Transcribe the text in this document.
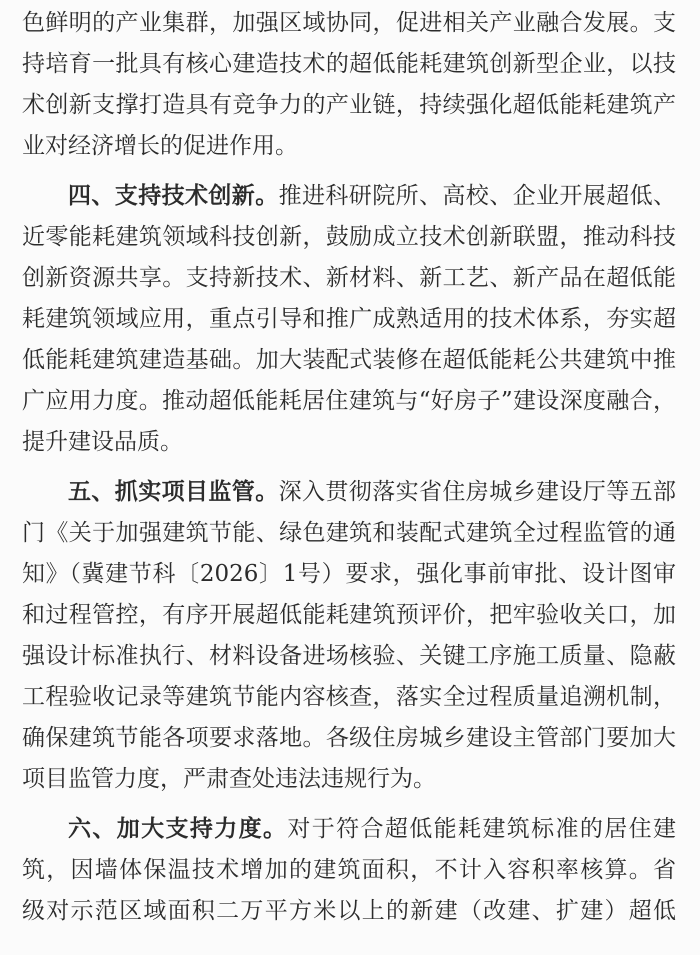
色鲜明的产业集群，加强区域协同，促进相关产业融合发展。支
持培育一批具有核心建造技术的超低能耗建筑创新型企业，以技
术创新支撑打造具有竞争力的产业链，持续强化超低能耗建筑产
业对经济增长的促进作用。
四、支持技术创新。推进科研院所、高校、企业开展超低、
近零能耗建筑领域科技创新，鼓励成立技术创新联盟，推动科技
创新资源共享。支持新技术、新材料、新工艺、新产品在超低能
耗建筑领域应用，重点引导和推广成熟适用的技术体系，夯实超
低能耗建筑建造基础。加大装配式装修在超低能耗公共建筑中推
广应用力度。推动超低能耗居住建筑与“好房子”建设深度融合，
提升建设品质。
五、抓实项目监管。深入贯彻落实省住房城乡建设厅等五部
门《关于加强建筑节能、绿色建筑和装配式建筑全过程监管的通
知》（冀建节科〔2026〕1号）要求，强化事前审批、设计图审
和过程管控，有序开展超低能耗建筑预评价，把牢验收关口，加
强设计标准执行、材料设备进场核验、关键工序施工质量、隐蔽
工程验收记录等建筑节能内容核查，落实全过程质量追溯机制，
确保建筑节能各项要求落地。各级住房城乡建设主管部门要加大
项目监管力度，严肃查处违法违规行为。
六、加大支持力度。对于符合超低能耗建筑标准的居住建
筑，因墙体保温技术增加的建筑面积，不计入容积率核算。省
级对示范区域面积二万平方米以上的新建（改建、扩建）超低
